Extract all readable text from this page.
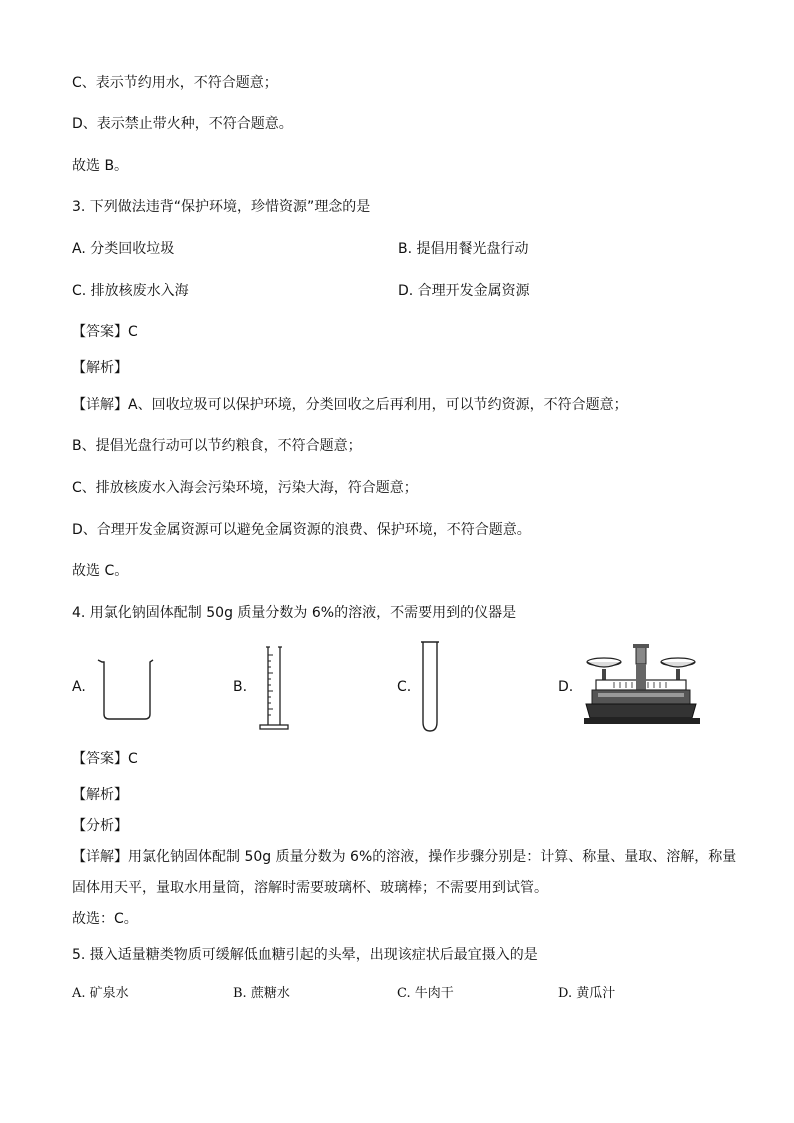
C、表示节约用水，不符合题意；
D、表示禁止带火种，不符合题意。
故选 B。
3. 下列做法违背“保护环境，珍惜资源”理念的是
A. 分类回收垃圾	B. 提倡用餐光盘行动
C. 排放核废水入海	D. 合理开发金属资源
【答案】C
【解析】
【详解】A、回收垃圾可以保护环境，分类回收之后再利用，可以节约资源，不符合题意；
B、提倡光盘行动可以节约粮食，不符合题意；
C、排放核废水入海会污染环境，污染大海，符合题意；
D、合理开发金属资源可以避免金属资源的浪费、保护环境，不符合题意。
故选 C。
4. 用氯化钠固体配制 50g 质量分数为 6%的溶液，不需要用到的仪器是
A.	B.	C.	D.
【答案】C
【解析】
【分析】
【详解】用氯化钠固体配制 50g 质量分数为 6%的溶液，操作步骤分别是：计算、称量、量取、溶解，称量
固体用天平，量取水用量筒，溶解时需要玻璃杯、玻璃棒；不需要用到试管。
故选：C。
5. 摄入适量糖类物质可缓解低血糖引起的头晕，出现该症状后最宜摄入的是
A. 矿泉水	B. 蔗糖水	C. 牛肉干	D. 黄瓜汁
